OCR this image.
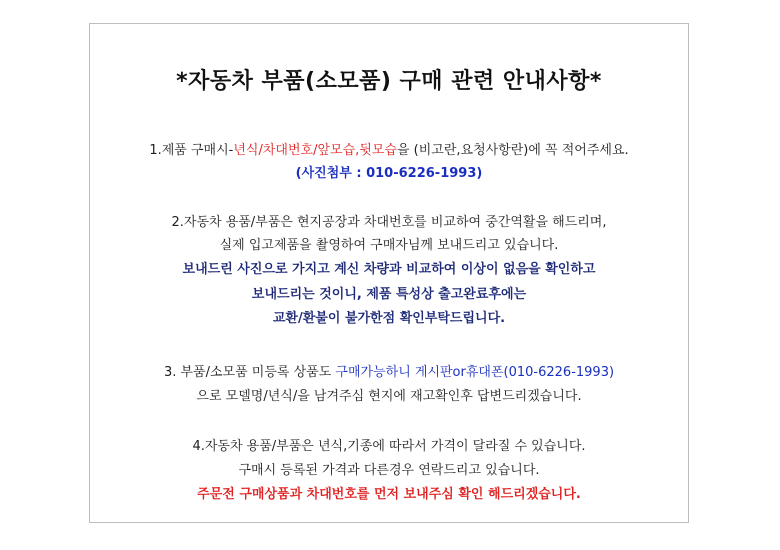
*자동차 부품(소모품) 구매 관련 안내사항*
1.제품 구매시-년식/차대번호/앞모습,뒷모습을 (비고란,요청사항란)에 꼭 적어주세요.
(사진첨부 : 010-6226-1993)
2.자동차 용품/부품은 현지공장과 차대번호를 비교하여 중간역활을 해드리며,
실제 입고제품을 촬영하여 구매자님께 보내드리고 있습니다.
보내드린 사진으로 가지고 계신 차량과 비교하여 이상이 없음을 확인하고
보내드리는 것이니, 제품 특성상 출고완료후에는
교환/환불이 불가한점 확인부탁드립니다.
3. 부품/소모품 미등록 상품도 구매가능하니 게시판or휴대폰(010-6226-1993)
으로 모델명/년식/을 남겨주심 현지에 재고확인후 답변드리겠습니다.
4.자동차 용품/부품은 년식,기종에 따라서 가격이 달라질 수 있습니다.
구매시 등록된 가격과 다른경우 연락드리고 있습니다.
주문전 구매상품과 차대번호를 먼저 보내주심 확인 해드리겠습니다.
